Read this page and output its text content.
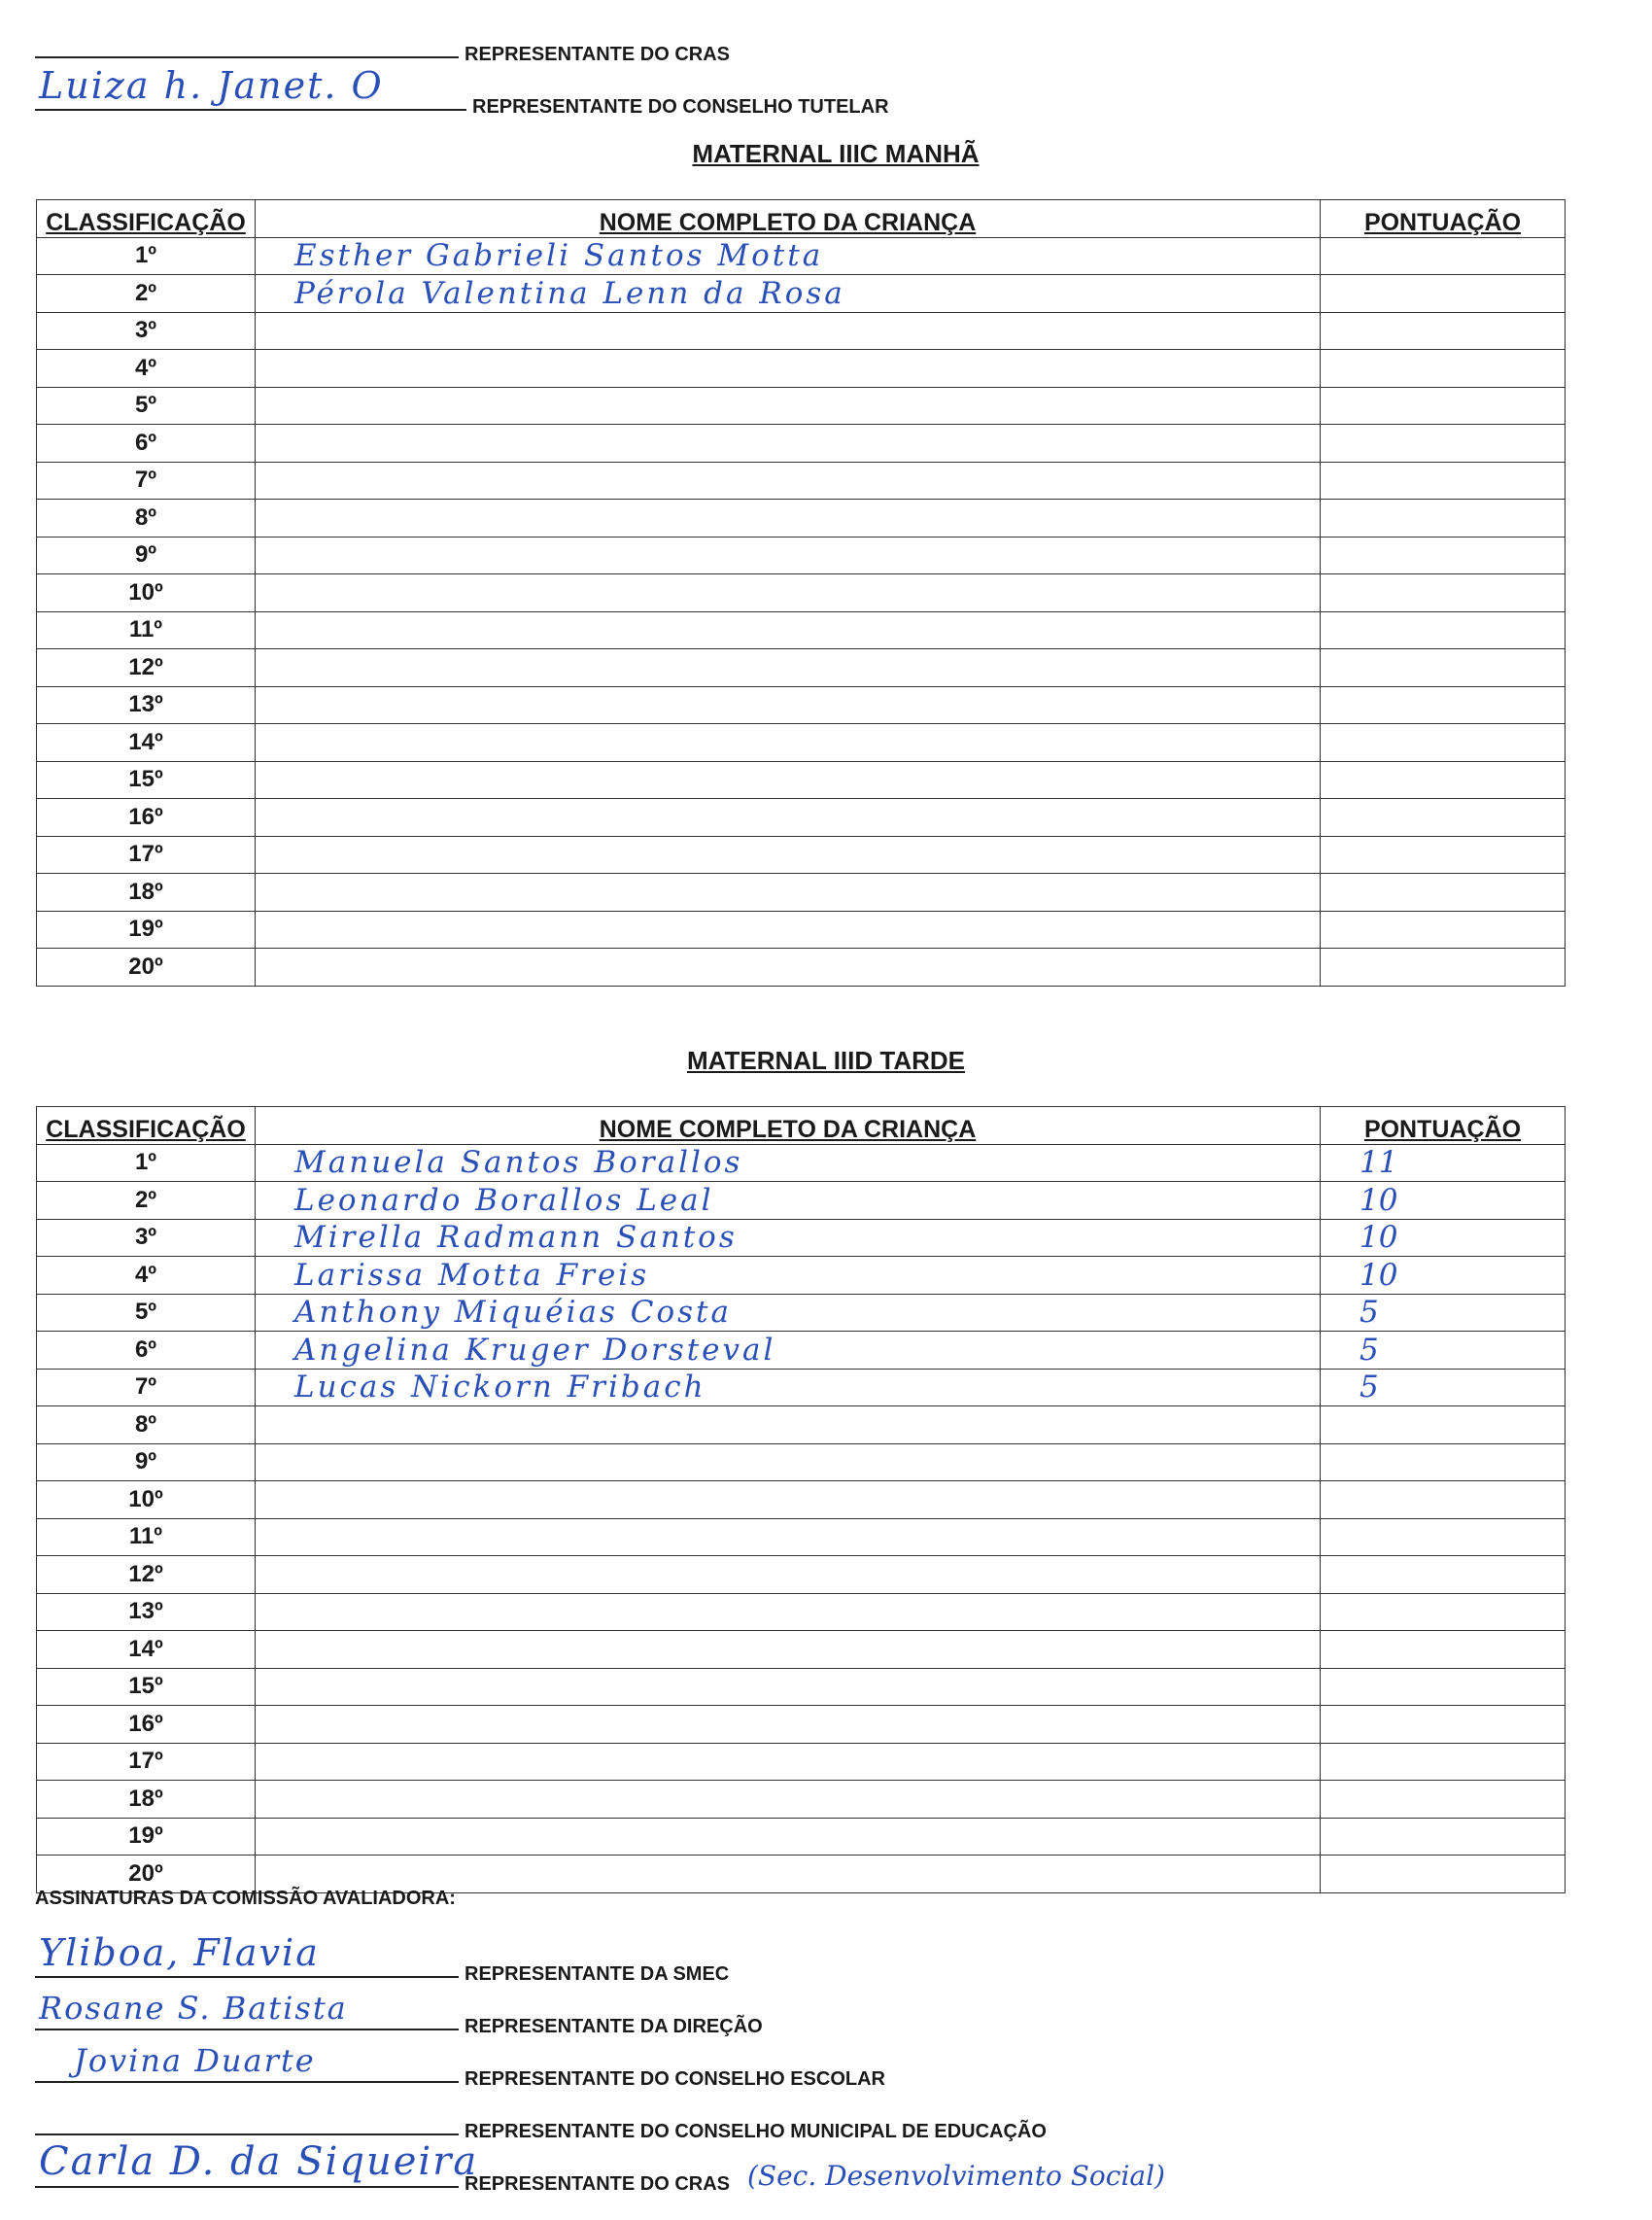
REPRESENTANTE DO CRAS
Luiza h. Janet. O	REPRESENTANTE DO CONSELHO TUTELAR
MATERNAL IIIC MANHÃ
CLASSIFICAÇÃO	NOME COMPLETO DA CRIANÇA	PONTUAÇÃO
1º	Esther Gabrieli Santos Motta	
2º	Pérola Valentina Lenn da Rosa	
3º		
4º		
5º		
6º		
7º		
8º		
9º		
10º		
11º		
12º		
13º		
14º		
15º		
16º		
17º		
18º		
19º		
20º		
MATERNAL IIID TARDE
CLASSIFICAÇÃO	NOME COMPLETO DA CRIANÇA	PONTUAÇÃO
1º	Manuela Santos Borallos	11
2º	Leonardo Borallos Leal	10
3º	Mirella Radmann Santos	10
4º	Larissa Motta Freis	10
5º	Anthony Miquéias Costa	5
6º	Angelina Kruger Dorsteval	5
7º	Lucas Nickorn Fribach	5
8º		
9º		
10º		
11º		
12º		
13º		
14º		
15º		
16º		
17º		
18º		
19º		
20º		
ASSINATURAS DA COMISSÃO AVALIADORA:
Yliboa, Flavia	REPRESENTANTE DA SMEC
Rosane S. Batista	REPRESENTANTE DA DIREÇÃO
Jovina Duarte	REPRESENTANTE DO CONSELHO ESCOLAR
REPRESENTANTE DO CONSELHO MUNICIPAL DE EDUCAÇÃO
Carla D. da Siqueira
REPRESENTANTE DO CRAS (Sec. Desenvolvimento Social)
